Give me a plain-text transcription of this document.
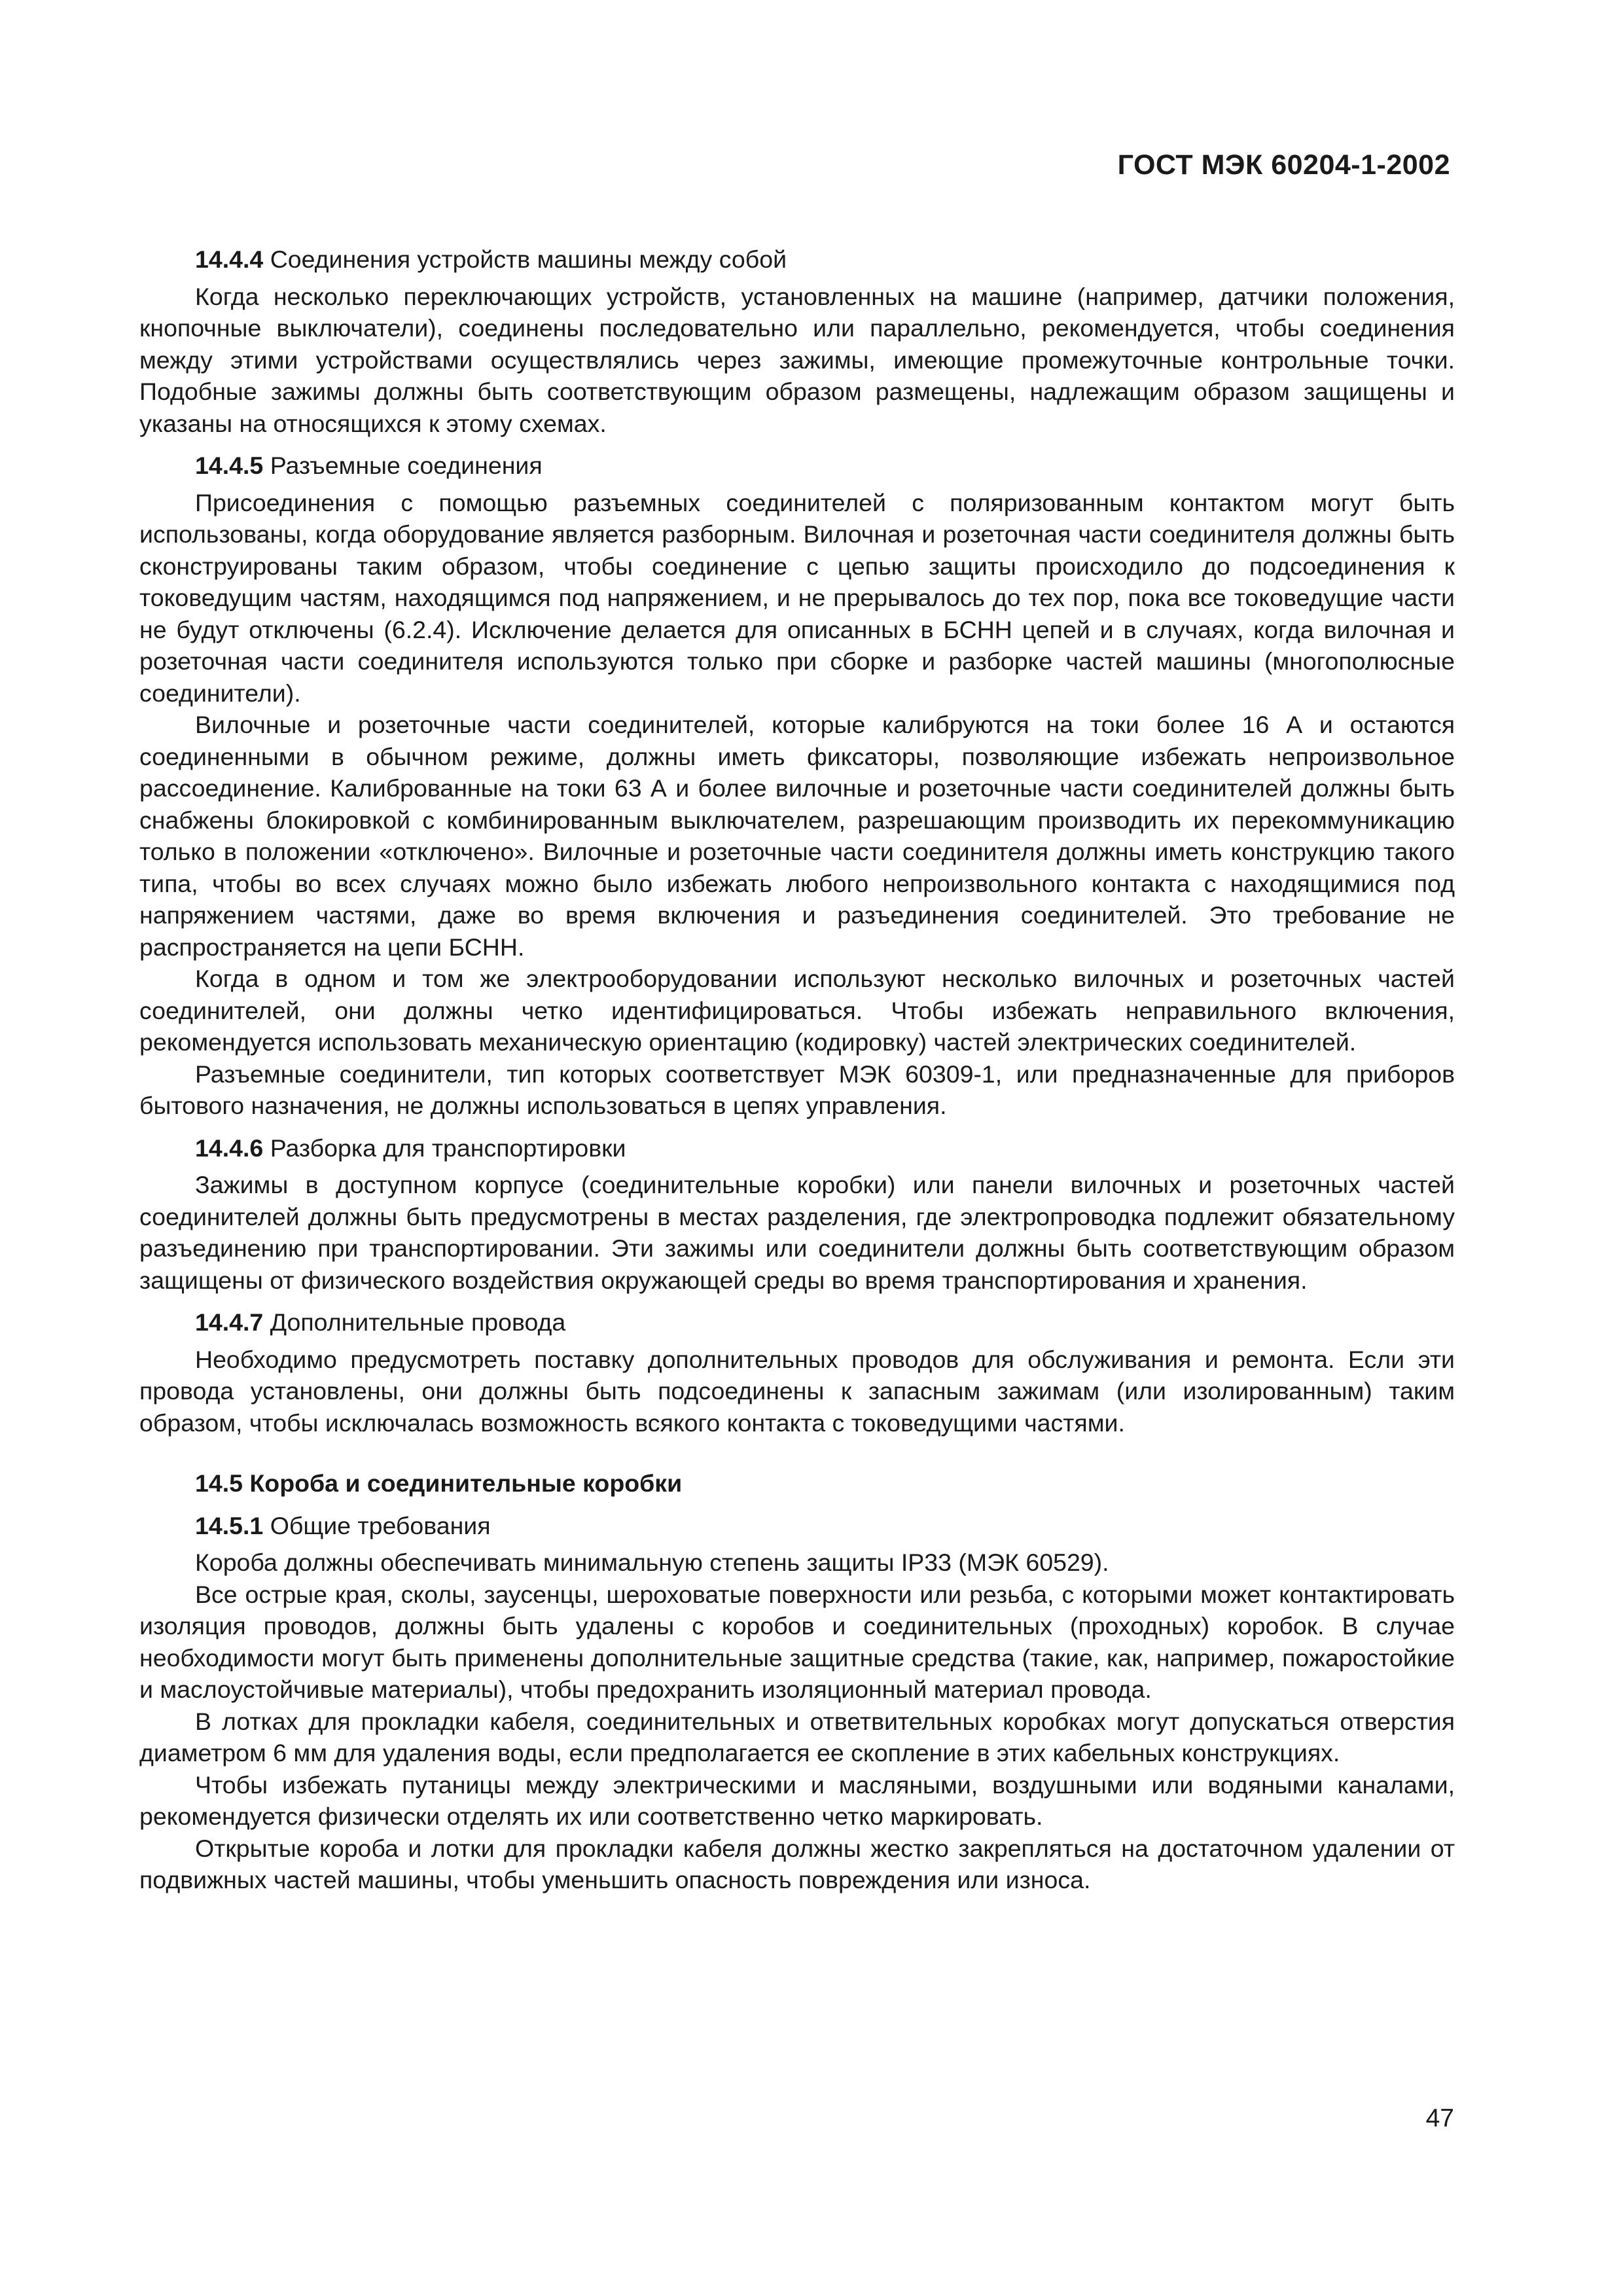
ГОСТ МЭК 60204-1-2002

14.4.4 Соединения устройств машины между собой

Когда несколько переключающих устройств, установленных на машине (например, датчики положения, кнопочные выключатели), соединены последовательно или параллельно, рекомендуется, чтобы соединения между этими устройствами осуществлялись через зажимы, имеющие промежуточные контрольные точки. Подобные зажимы должны быть соответствующим образом размещены, надлежащим образом защищены и указаны на относящихся к этому схемах.

14.4.5 Разъемные соединения

Присоединения с помощью разъемных соединителей с поляризованным контактом могут быть использованы, когда оборудование является разборным. Вилочная и розеточная части соединителя должны быть сконструированы таким образом, чтобы соединение с цепью защиты происходило до подсоединения к токоведущим частям, находящимся под напряжением, и не прерывалось до тех пор, пока все токоведущие части не будут отключены (6.2.4). Исключение делается для описанных в БСНН цепей и в случаях, когда вилочная и розеточная части соединителя используются только при сборке и разборке частей машины (многополюсные соединители).

Вилочные и розеточные части соединителей, которые калибруются на токи более 16 А и остаются соединенными в обычном режиме, должны иметь фиксаторы, позволяющие избежать непроизвольное рассоединение. Калиброванные на токи 63 А и более вилочные и розеточные части соединителей должны быть снабжены блокировкой с комбинированным выключателем, разрешающим производить их перекоммуникацию только в положении «отключено». Вилочные и розеточные части соединителя должны иметь конструкцию такого типа, чтобы во всех случаях можно было избежать любого непроизвольного контакта с находящимися под напряжением частями, даже во время включения и разъединения соединителей. Это требование не распространяется на цепи БСНН.

Когда в одном и том же электрооборудовании используют несколько вилочных и розеточных частей соединителей, они должны четко идентифицироваться. Чтобы избежать неправильного включения, рекомендуется использовать механическую ориентацию (кодировку) частей электрических соединителей.

Разъемные соединители, тип которых соответствует МЭК 60309-1, или предназначенные для приборов бытового назначения, не должны использоваться в цепях управления.

14.4.6 Разборка для транспортировки

Зажимы в доступном корпусе (соединительные коробки) или панели вилочных и розеточных частей соединителей должны быть предусмотрены в местах разделения, где электропроводка подлежит обязательному разъединению при транспортировании. Эти зажимы или соединители должны быть соответствующим образом защищены от физического воздействия окружающей среды во время транспортирования и хранения.

14.4.7 Дополнительные провода

Необходимо предусмотреть поставку дополнительных проводов для обслуживания и ремонта. Если эти провода установлены, они должны быть подсоединены к запасным зажимам (или изолированным) таким образом, чтобы исключалась возможность всякого контакта с токоведущими частями.

14.5 Короба и соединительные коробки

14.5.1 Общие требования

Короба должны обеспечивать минимальную степень защиты IP33 (МЭК 60529).

Все острые края, сколы, заусенцы, шероховатые поверхности или резьба, с которыми может контактировать изоляция проводов, должны быть удалены с коробов и соединительных (проходных) коробок. В случае необходимости могут быть применены дополнительные защитные средства (такие, как, например, пожаростойкие и маслоустойчивые материалы), чтобы предохранить изоляционный материал провода.

В лотках для прокладки кабеля, соединительных и ответвительных коробках могут допускаться отверстия диаметром 6 мм для удаления воды, если предполагается ее скопление в этих кабельных конструкциях.

Чтобы избежать путаницы между электрическими и масляными, воздушными или водяными каналами, рекомендуется физически отделять их или соответственно четко маркировать.

Открытые короба и лотки для прокладки кабеля должны жестко закрепляться на достаточном удалении от подвижных частей машины, чтобы уменьшить опасность повреждения или износа.

47
